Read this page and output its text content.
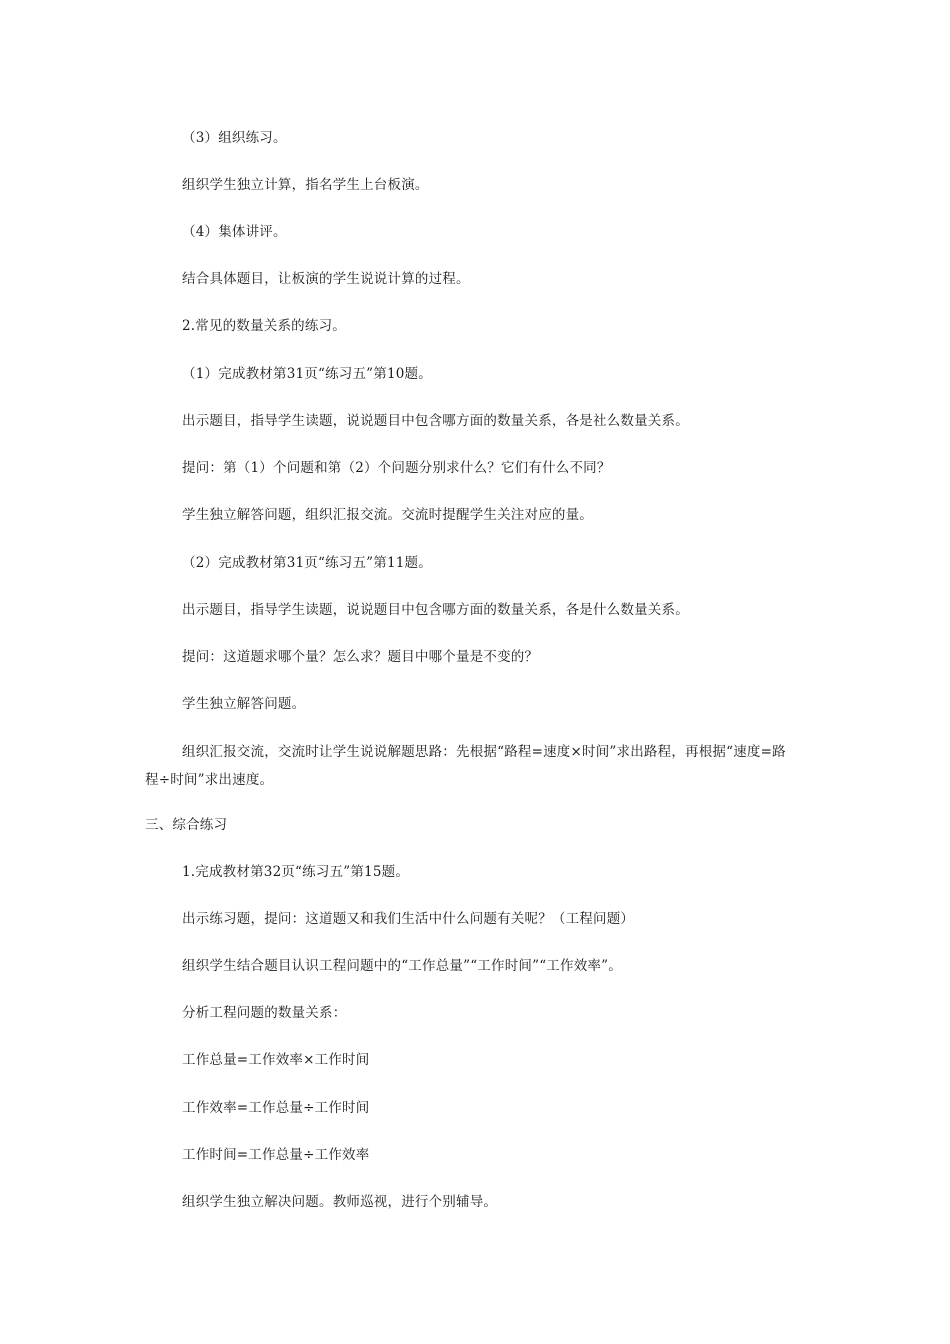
（3）组织练习。
组织学生独立计算，指名学生上台板演。
（4）集体讲评。
结合具体题目，让板演的学生说说计算的过程。
2.常见的数量关系的练习。
（1）完成教材第31页“练习五”第10题。
出示题目，指导学生读题，说说题目中包含哪方面的数量关系，各是社么数量关系。
提问：第（1）个问题和第（2）个问题分别求什么？它们有什么不同？
学生独立解答问题，组织汇报交流。交流时提醒学生关注对应的量。
（2）完成教材第31页“练习五”第11题。
出示题目，指导学生读题，说说题目中包含哪方面的数量关系，各是什么数量关系。
提问：这道题求哪个量？怎么求？题目中哪个量是不变的？
学生独立解答问题。
组织汇报交流，交流时让学生说说解题思路：先根据“路程=速度×时间”求出路程，再根据“速度=路程÷时间”求出速度。
三、综合练习
1.完成教材第32页“练习五”第15题。
出示练习题，提问：这道题又和我们生活中什么问题有关呢？（工程问题）
组织学生结合题目认识工程问题中的“工作总量”“工作时间”“工作效率”。
分析工程问题的数量关系：
工作总量=工作效率×工作时间
工作效率=工作总量÷工作时间
工作时间=工作总量÷工作效率
组织学生独立解决问题。教师巡视，进行个别辅导。
